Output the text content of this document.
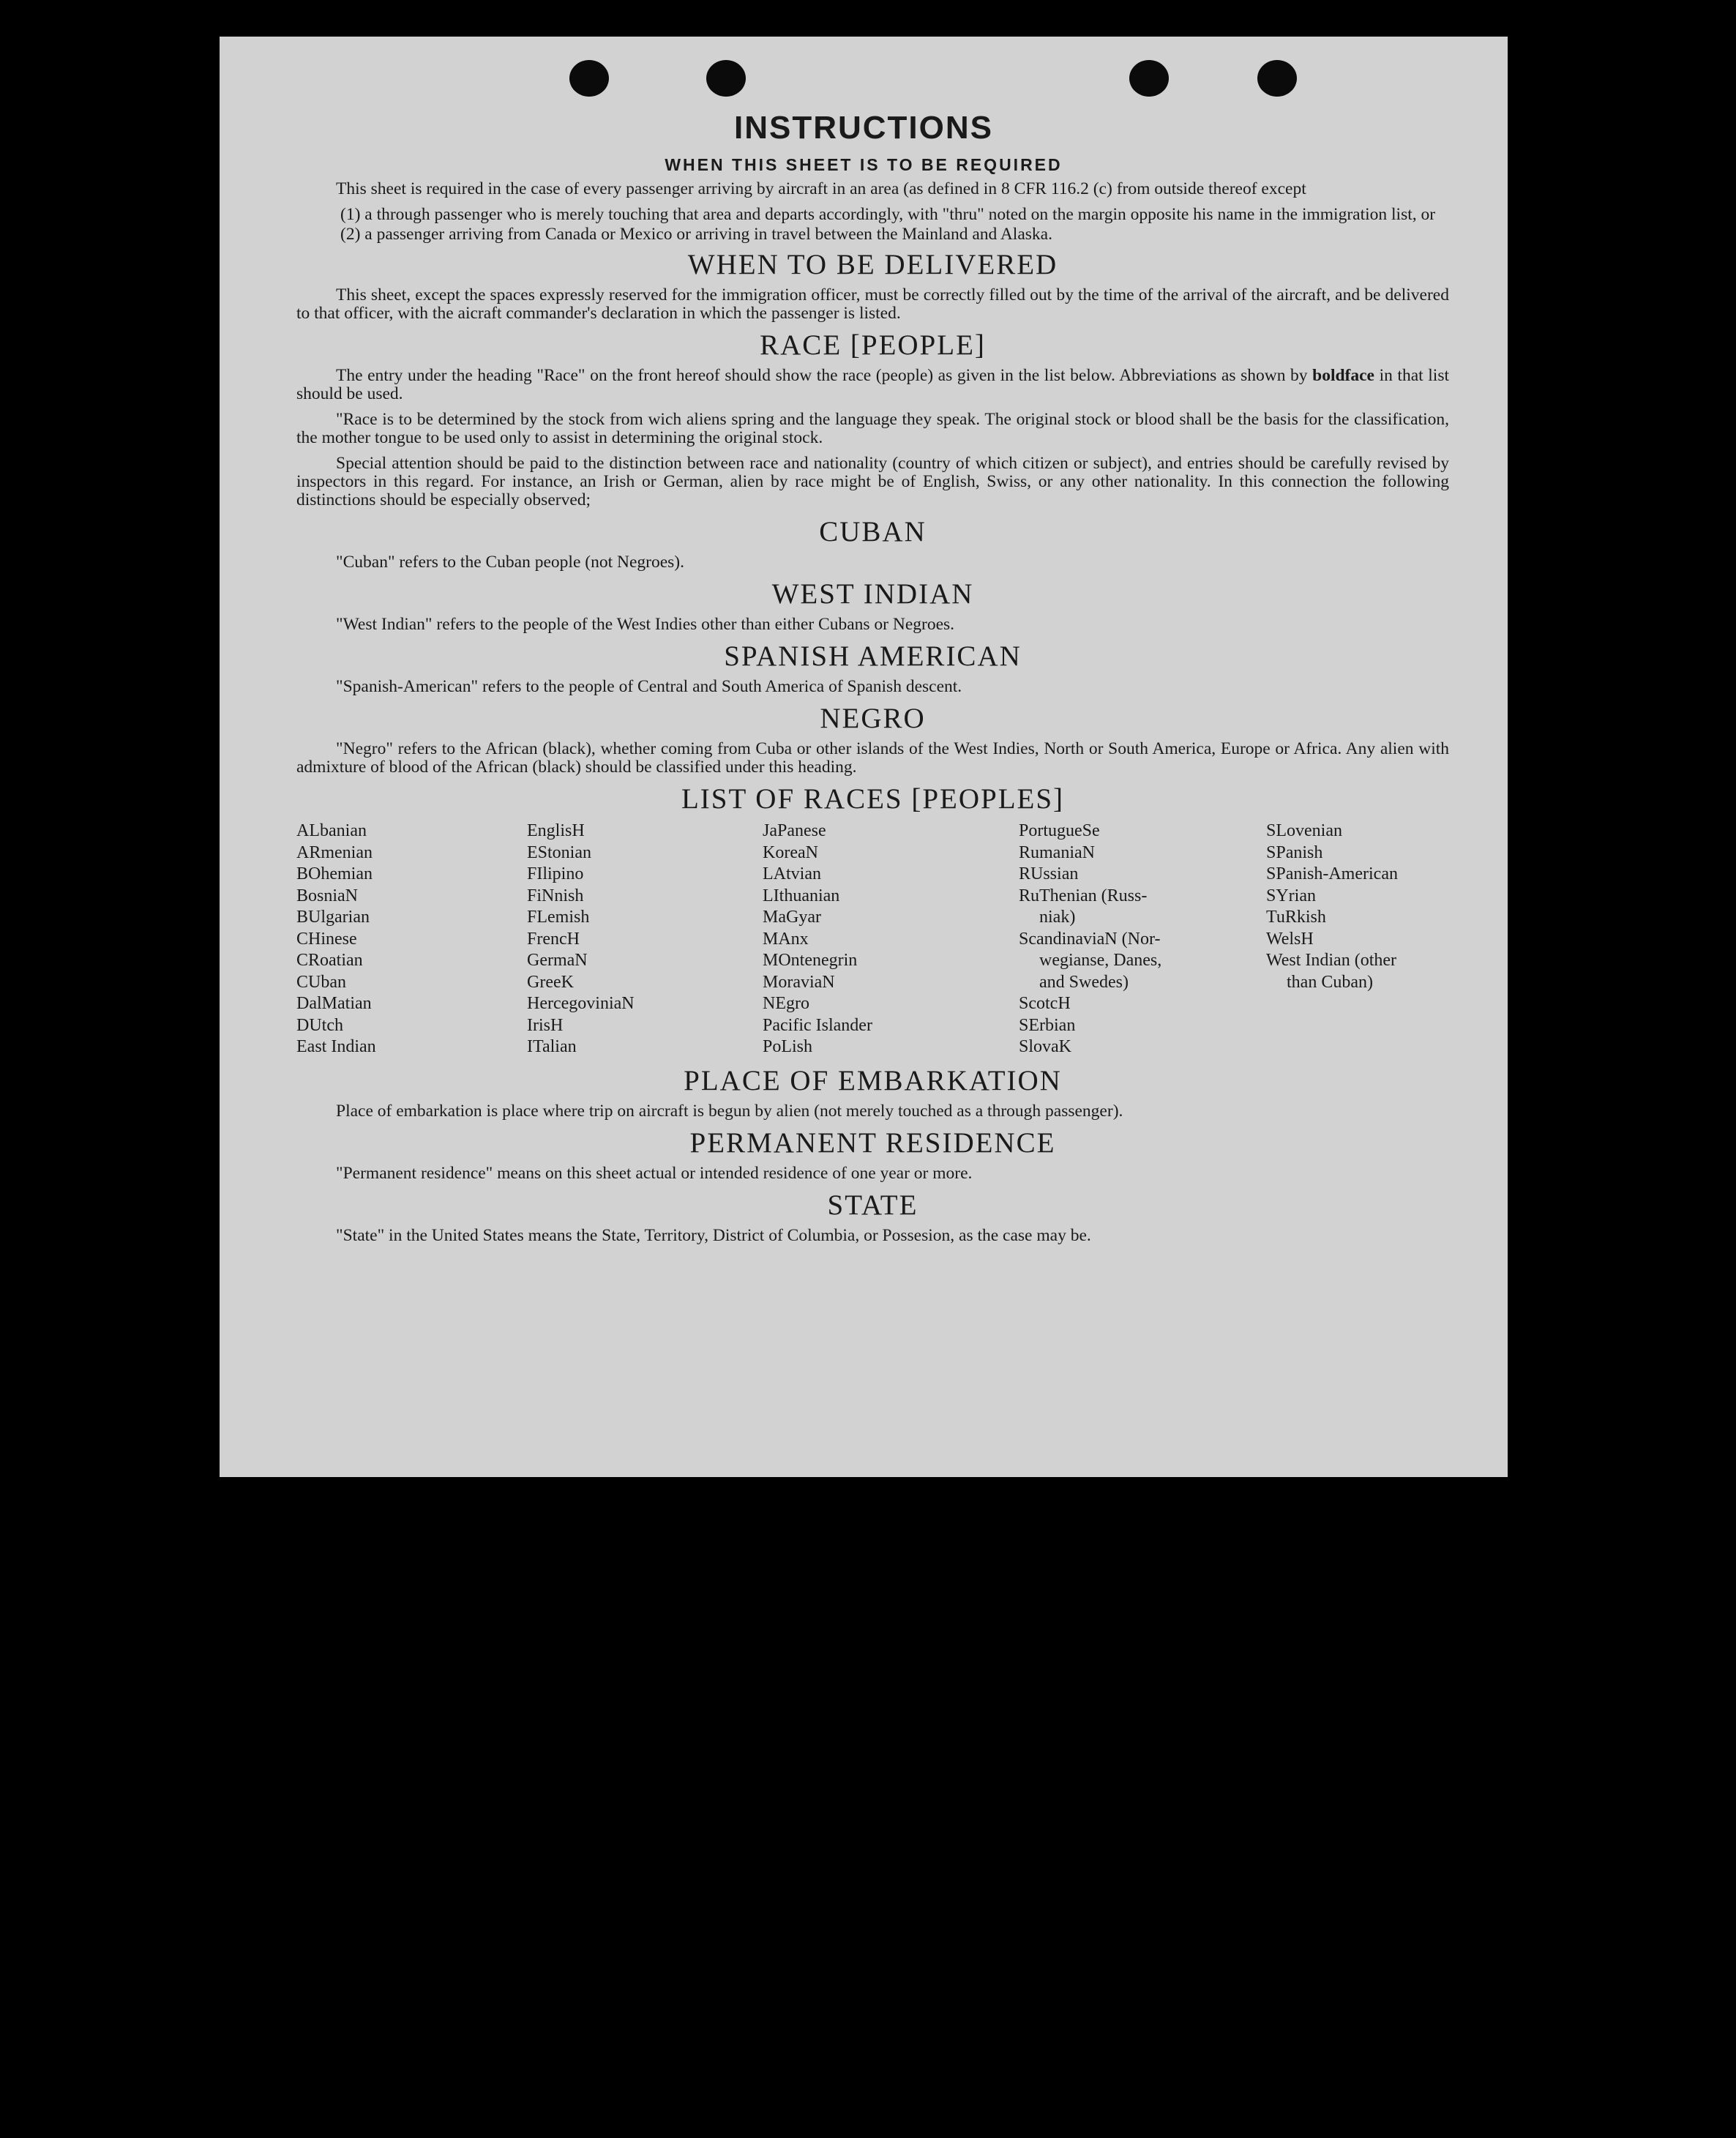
INSTRUCTIONS
WHEN THIS SHEET IS TO BE REQUIRED

This sheet is required in the case of every passenger arriving by aircraft in an area (as defined in 8 CFR 116.2 (c) from outside thereof except

(1) a through passenger who is merely touching that area and departs accordingly, with "thru" noted on the margin opposite his name in the immigration list, or
(2) a passenger arriving from Canada or Mexico or arriving in travel between the Mainland and Alaska.
WHEN TO BE DELIVERED

This sheet, except the spaces expressly reserved for the immigration officer, must be correctly filled out by the time of the arrival of the aircraft, and be delivered to that officer, with the aicraft commander's declaration in which the passenger is listed.

RACE [PEOPLE]

The entry under the heading "Race" on the front hereof should show the race (people) as given in the list below. Abbreviations as shown by boldface in that list should be used.

"Race is to be determined by the stock from wich aliens spring and the language they speak. The original stock or blood shall be the basis for the classification, the mother tongue to be used only to assist in determining the original stock.

Special attention should be paid to the distinction between race and nationality (country of which citizen or subject), and entries should be carefully revised by inspectors in this regard. For instance, an Irish or German, alien by race might be of English, Swiss, or any other nationality. In this connection the following distinctions should be especially observed;

CUBAN

"Cuban" refers to the Cuban people (not Negroes).

WEST INDIAN

"West Indian" refers to the people of the West Indies other than either Cubans or Negroes.

SPANISH AMERICAN

"Spanish-American" refers to the people of Central and South America of Spanish descent.

NEGRO

"Negro" refers to the African (black), whether coming from Cuba or other islands of the West Indies, North or South America, Europe or Africa. Any alien with admixture of blood of the African (black) should be classified under this heading.

LIST OF RACES [PEOPLES]
ALbanian
ARmenian
BOhemian
BosniaN
BUlgarian
CHinese
CRoatian
CUban
DalMatian
DUtch
East Indian
EnglisH
EStonian
FIlipino
FiNnish
FLemish
FrencH
GermaN
GreeK
HercegoviniaN
IrisH
ITalian
JaPanese
KoreaN
LAtvian
LIthuanian
MaGyar
MAnx
MOntenegrin
MoraviaN
NEgro
Pacific Islander
PoLish
PortugueSe
RumaniaN
RUssian
RuThenian (Russ-
niak)
ScandinaviaN (Nor-
wegianse, Danes,
and Swedes)
ScotcH
SErbian
SlovaK
SLovenian
SPanish
SPanish-American
SYrian
TuRkish
WelsH
West Indian (other
than Cuban)
PLACE OF EMBARKATION

Place of embarkation is place where trip on aircraft is begun by alien (not merely touched as a through passenger).

PERMANENT RESIDENCE

"Permanent residence" means on this sheet actual or intended residence of one year or more.

STATE

"State" in the United States means the State, Territory, District of Columbia, or Possesion, as the case may be.
